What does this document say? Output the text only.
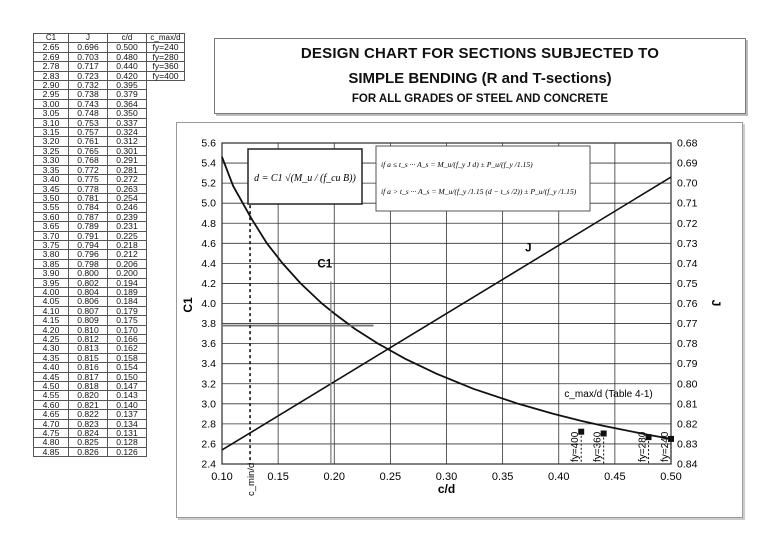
C1	J	c/d	c_max/d
2.65	0.696	0.500	fy=240
2.69	0.703	0.480	fy=280
2.78	0.717	0.440	fy=360
2.83	0.723	0.420	fy=400
2.90	0.732	0.395	
2.95	0.738	0.379	
3.00	0.743	0.364	
3.05	0.748	0.350	
3.10	0.753	0.337	
3.15	0.757	0.324	
3.20	0.761	0.312	
3.25	0.765	0.301	
3.30	0.768	0.291	
3.35	0.772	0.281	
3.40	0.775	0.272	
3.45	0.778	0.263	
3.50	0.781	0.254	
3.55	0.784	0.246	
3.60	0.787	0.239	
3.65	0.789	0.231	
3.70	0.791	0.225	
3.75	0.794	0.218	
3.80	0.796	0.212	
3.85	0.798	0.206	
3.90	0.800	0.200	
3.95	0.802	0.194	
4.00	0.804	0.189	
4.05	0.806	0.184	
4.10	0.807	0.179	
4.15	0.809	0.175	
4.20	0.810	0.170	
4.25	0.812	0.166	
4.30	0.813	0.162	
4.35	0.815	0.158	
4.40	0.816	0.154	
4.45	0.817	0.150	
4.50	0.818	0.147	
4.55	0.820	0.143	
4.60	0.821	0.140	
4.65	0.822	0.137	
4.70	0.823	0.134	
4.75	0.824	0.131	
4.80	0.825	0.128	
4.85	0.826	0.126	
DESIGN CHART FOR SECTIONS SUBJECTED TO
SIMPLE BENDING (R and T-sections)
FOR ALL GRADES OF STEEL AND CONCRETE
2.4
2.6
2.8
3.0
3.2
3.4
3.6
3.8
4.0
4.2
4.4
4.6
4.8
5.0
5.2
5.4
5.6
0.84
0.83
0.82
0.81
0.80
0.79
0.78
0.77
0.76
0.75
0.74
0.73
0.72
0.71
0.70
0.69
0.68
0.10	0.15	0.20	0.25	0.30	0.35	0.40	0.45	0.50
c/d
C1	J
C1
J
c_min/d
fy=400 fy=360	fy=280 fy=240
c_max/d (Table 4-1)
d = C1 √(M_u / (f_cu B))
if a ≤ t_s ··· A_s = M_u/(f_y J d) ± P_u/(f_y /1.15)
if a > t_s ··· A_s = M_u/(f_y /1.15 (d − t_s /2)) ± P_u/(f_y /1.15)
